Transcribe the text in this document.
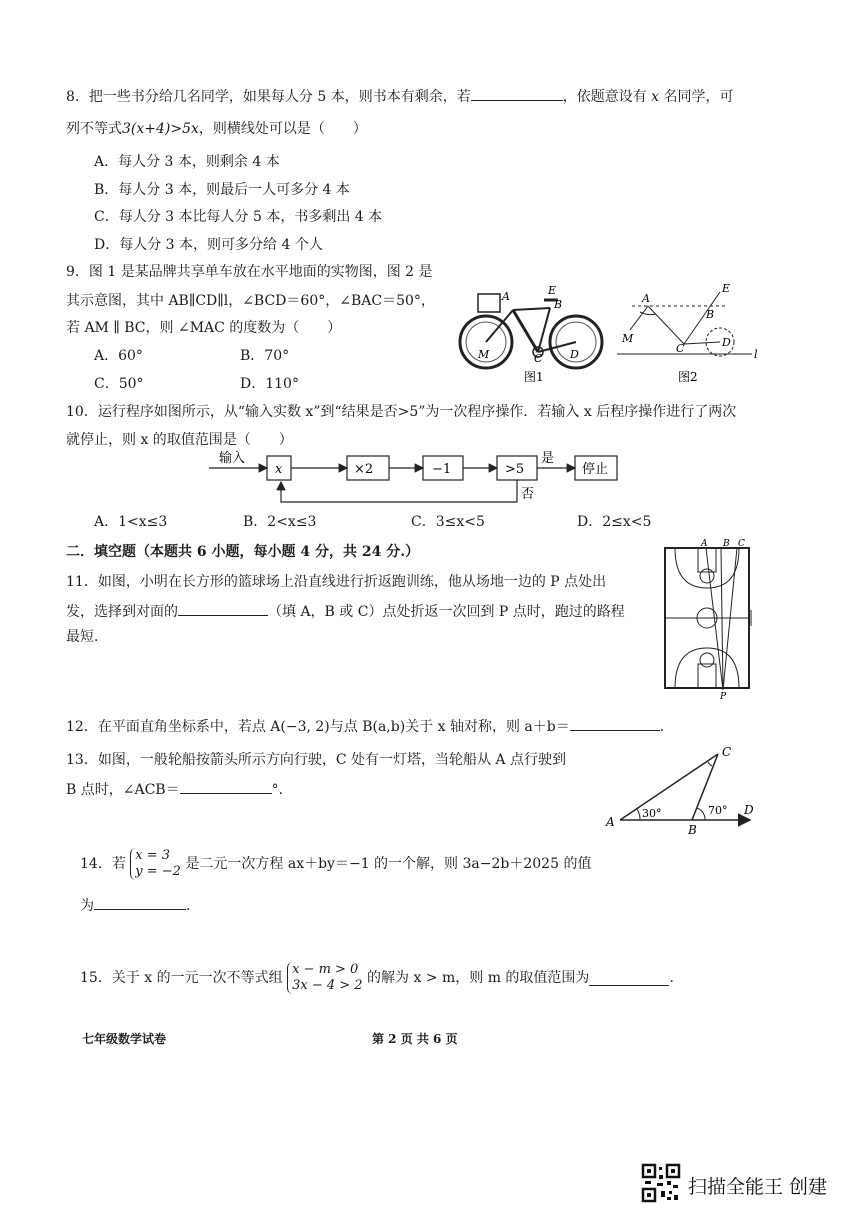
8．把一些书分给几名同学，如果每人分 5 本，则书本有剩余，若	，依题意设有 x 名同学，可
列不等式3(x+4)>5x，则横线处可以是（　　）
A．每人分 3 本，则剩余 4 本
B．每人分 3 本，则最后一人可多分 4 本
C．每人分 3 本比每人分 5 本，书多剩出 4 本
D．每人分 3 本，则可多分给 4 个人
9．图 1 是某品牌共享单车放在水平地面的实物图，图 2 是
其示意图，其中 AB∥CD∥l，∠BCD＝60°，∠BAC＝50°，
若 AM ∥ BC，则 ∠MAC 的度数为（　　）
A．60°	B．70°
C．50°	D．110°
A	E
B
M	C	D
图1
A
E
B
M
C	D
l
图2
10．运行程序如图所示，从“输入实数 x”到“结果是否>5”为一次程序操作．若输入 x 后程序操作进行了两次
就停止，则 x 的取值范围是（　　）
输入
x	×2	−1	>5
是
停止
否
A．1<x≤3	B．2<x≤3	C．3≤x<5	D．2≤x<5
二．填空题（本题共 6 小题，每小题 4 分，共 24 分.）
11．如图，小明在长方形的篮球场上沿直线进行折返跑训练，他从场地一边的 P 点处出
发，选择到对面的	（填 A，B 或 C）点处折返一次回到 P 点时，跑过的路程
最短．
A B C
P
12．在平面直角坐标系中，若点 A(−3, 2)与点 B(a,b)关于 x 轴对称，则 a＋b＝	.
13．如图，一般轮船按箭头所示方向行驶，C 处有一灯塔，当轮船从 A 点行驶到
B 点时，∠ACB＝	°.
A
B
C
D
30°	70°
14．若 x = 3
y = −2 是二元一次方程 ax＋by＝−1 的一个解，则 3a−2b＋2025 的值
为	.
15．关于 x 的一元一次不等式组 x − m > 0
3x − 4 > 2 的解为 x > m，则 m 的取值范围为	.
七年级数学试卷	第 2 页 共 6 页
扫描全能王 创建
